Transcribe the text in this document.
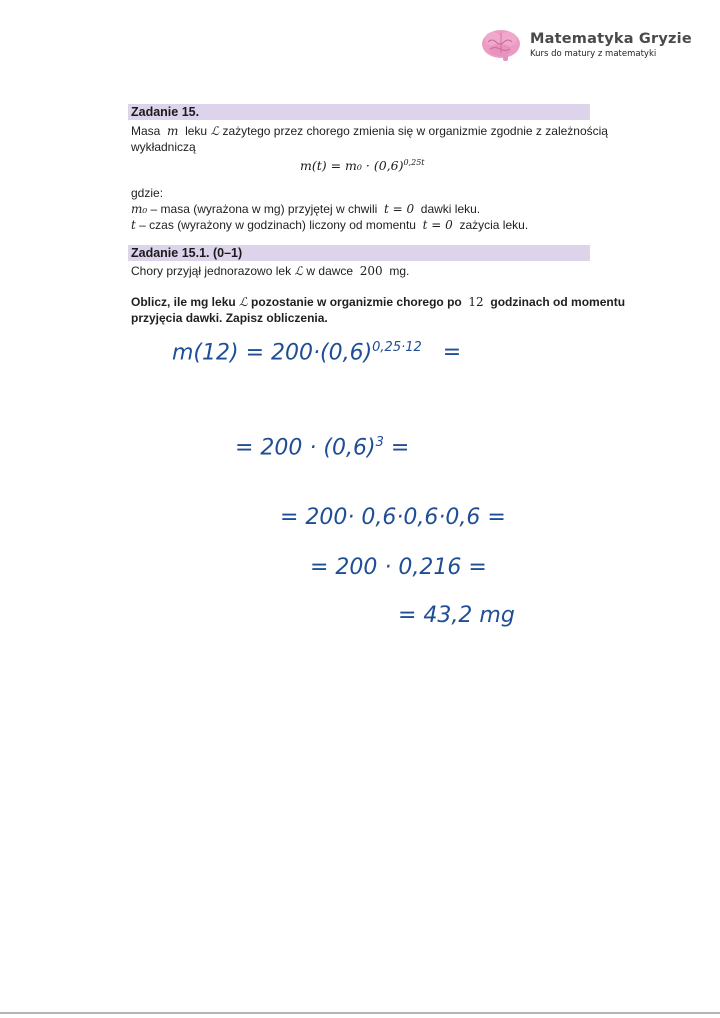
Matematyka Gryzie
Kurs do matury z matematyki
Zadanie 15.
Masa m leku ℒ zażytego przez chorego zmienia się w organizmie zgodnie z zależnością
wykładniczą
$m(t) = m_0 \cdot (0,6)^{0,25t}$
gdzie:
m₀ – masa (wyrażona w mg) przyjętej w chwili t = 0 dawki leku.
t – czas (wyrażony w godzinach) liczony od momentu t = 0 zażycia leku.
Zadanie 15.1. (0–1)
Chory przyjął jednorazowo lek ℒ w dawce 200 mg.
Oblicz, ile mg leku ℒ pozostanie w organizmie chorego po 12 godzinach od momentu
przyjęcia dawki. Zapisz obliczenia.
$m(12) = 200\cdot(0,6)^{0,25\cdot 12}$ =
= $200 \cdot (0,6)^3$ =
= 200· 0,6·0,6·0,6 =
= 200 · 0,216 =
= 43,2 mg
